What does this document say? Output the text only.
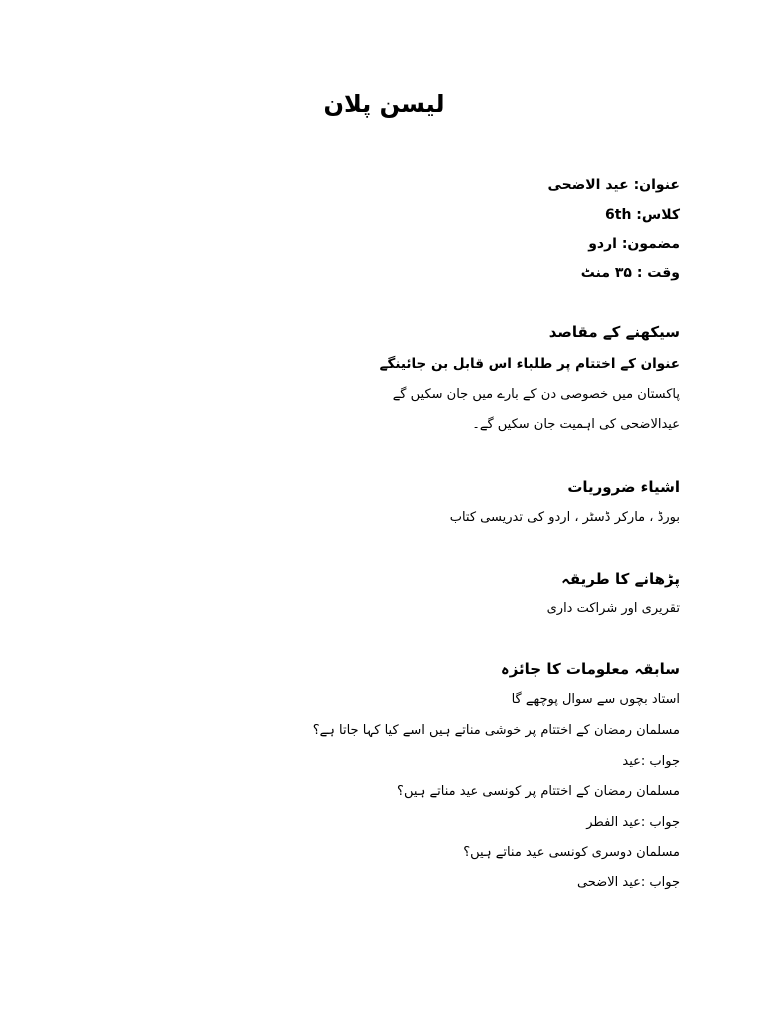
لیسن پلان
عنوان: عید الاضحی
کلاس: 6th
مضمون: اردو
وقت : ۳۵ منٹ
سیکھنے کے مقاصد
عنوان کے اختتام پر طلباء اس قابل بن جائینگے
پاکستان میں خصوصی دن کے بارے میں جان سکیں گے
عیدالاضحی کی اہمیت جان سکیں گے۔
اشیاء ضروریات
بورڈ ، مارکر ڈسٹر ، اردو کی تدریسی کتاب
پڑھانے کا طریقہ
تقریری اور شراکت داری
سابقہ معلومات کا جائزہ
استاد بچوں سے سوال پوچھے گا
مسلمان رمضان کے اختتام پر خوشی مناتے ہیں اسے کیا کہا جاتا ہے؟
جواب :عید
مسلمان رمضان کے اختتام پر کونسی عید مناتے ہیں؟
جواب :عید الفطر
مسلمان دوسری کونسی عید مناتے ہیں؟
جواب :عید الاضحی
